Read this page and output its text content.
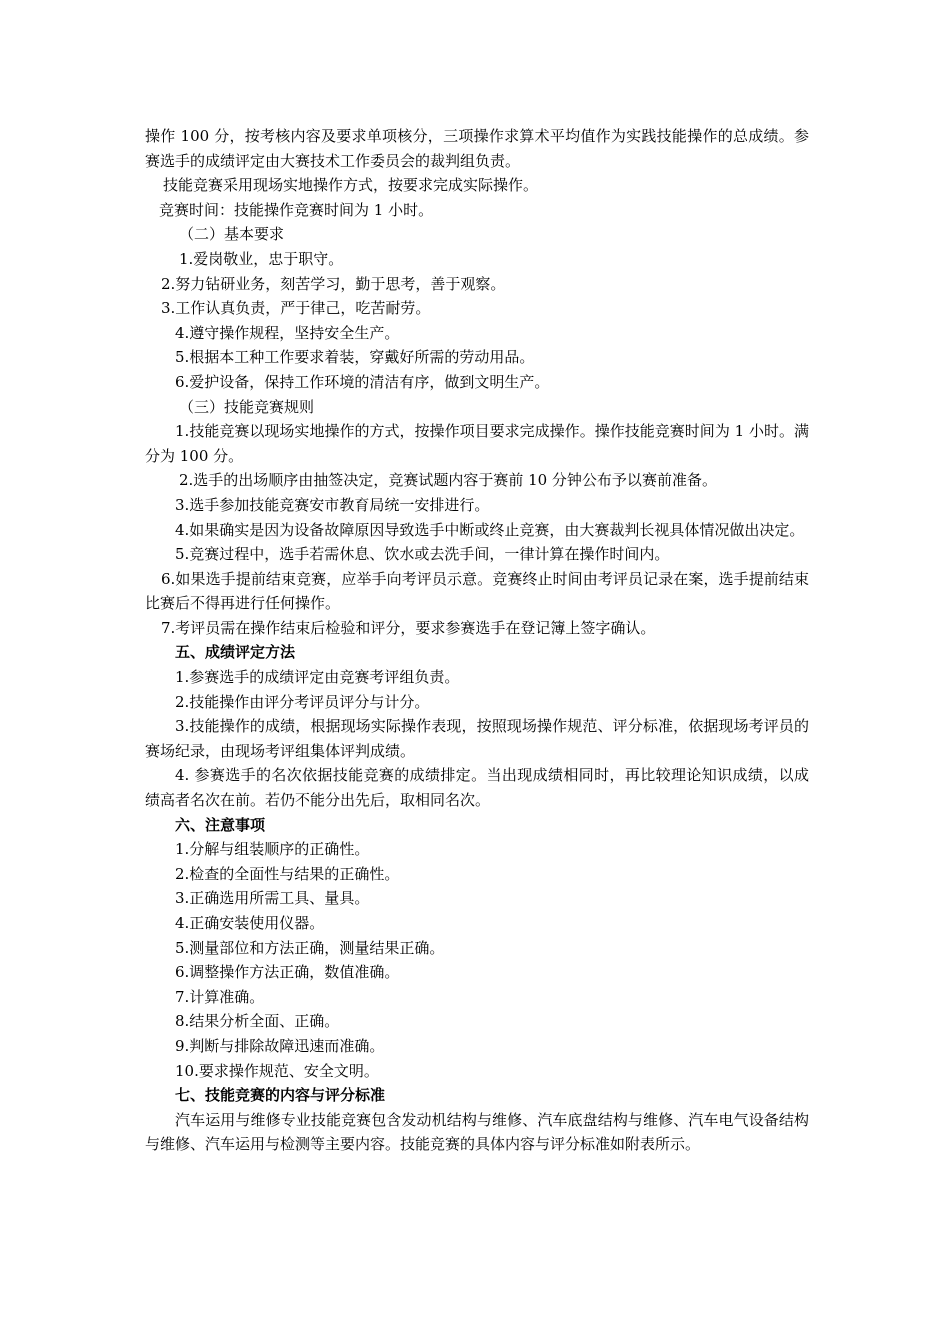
操作 100 分，按考核内容及要求单项核分，三项操作求算术平均值作为实践技能操作的总成绩。参赛选手的成绩评定由大赛技术工作委员会的裁判组负责。

技能竞赛采用现场实地操作方式，按要求完成实际操作。

竞赛时间：技能操作竞赛时间为 1 小时。

（二）基本要求

1.爱岗敬业，忠于职守。

2.努力钻研业务，刻苦学习，勤于思考，善于观察。

3.工作认真负责，严于律己，吃苦耐劳。

4.遵守操作规程，坚持安全生产。

5.根据本工种工作要求着装，穿戴好所需的劳动用品。

6.爱护设备，保持工作环境的清洁有序，做到文明生产。

（三）技能竞赛规则

1.技能竞赛以现场实地操作的方式，按操作项目要求完成操作。操作技能竞赛时间为 1 小时。满分为 100 分。

2.选手的出场顺序由抽签决定，竞赛试题内容于赛前 10 分钟公布予以赛前准备。

3.选手参加技能竞赛安市教育局统一安排进行。

4.如果确实是因为设备故障原因导致选手中断或终止竞赛，由大赛裁判长视具体情况做出决定。

5.竞赛过程中，选手若需休息、饮水或去洗手间，一律计算在操作时间内。

6.如果选手提前结束竞赛，应举手向考评员示意。竞赛终止时间由考评员记录在案，选手提前结束比赛后不得再进行任何操作。

7.考评员需在操作结束后检验和评分，要求参赛选手在登记簿上签字确认。

五、成绩评定方法

1.参赛选手的成绩评定由竞赛考评组负责。

2.技能操作由评分考评员评分与计分。

3.技能操作的成绩，根据现场实际操作表现，按照现场操作规范、评分标准，依据现场考评员的赛场纪录，由现场考评组集体评判成绩。

4. 参赛选手的名次依据技能竞赛的成绩排定。当出现成绩相同时，再比较理论知识成绩，以成绩高者名次在前。若仍不能分出先后，取相同名次。

六、注意事项

1.分解与组装顺序的正确性。

2.检查的全面性与结果的正确性。

3.正确选用所需工具、量具。

4.正确安装使用仪器。

5.测量部位和方法正确，测量结果正确。

6.调整操作方法正确，数值准确。

7.计算准确。

8.结果分析全面、正确。

9.判断与排除故障迅速而准确。

10.要求操作规范、安全文明。

七、技能竞赛的内容与评分标准

汽车运用与维修专业技能竞赛包含发动机结构与维修、汽车底盘结构与维修、汽车电气设备结构与维修、汽车运用与检测等主要内容。技能竞赛的具体内容与评分标准如附表所示。
